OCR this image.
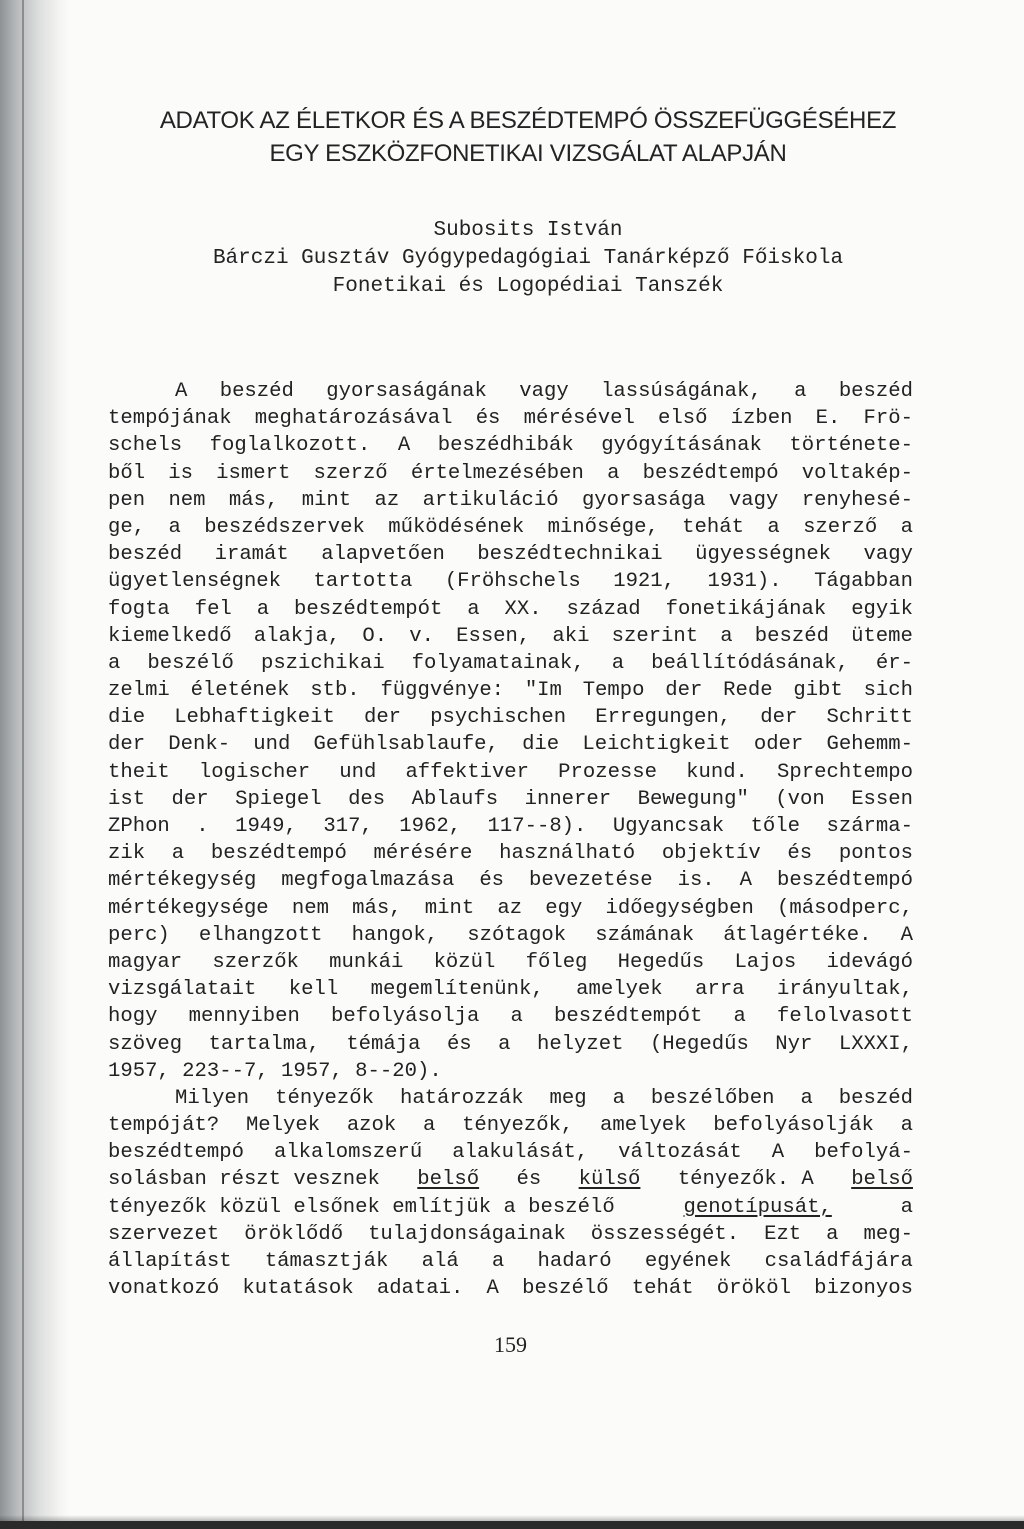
ADATOK AZ ÉLETKOR ÉS A BESZÉDTEMPÓ ÖSSZEFÜGGÉSÉHEZ
EGY ESZKÖZFONETIKAI VIZSGÁLAT ALAPJÁN
Subosits István
Bárczi Gusztáv Gyógypedagógiai Tanárképző Főiskola
Fonetikai és Logopédiai Tanszék
A beszéd gyorsaságának vagy lassúságának, a beszéd
tempójának meghatározásával és mérésével első ízben E. Frö-
schels foglalkozott. A beszédhibák gyógyításának története-
ből is ismert szerző értelmezésében a beszédtempó voltakép-
pen nem más, mint az artikuláció gyorsasága vagy renyhesé-
ge, a beszédszervek működésének minősége, tehát a szerző a
beszéd iramát alapvetően beszédtechnikai ügyességnek vagy
ügyetlenségnek tartotta (Fröhschels 1921, 1931). Tágabban
fogta fel a beszédtempót a XX. század fonetikájának egyik
kiemelkedő alakja, O. v. Essen, aki szerint a beszéd üteme
a beszélő pszichikai folyamatainak, a beállítódásának, ér-
zelmi életének stb. függvénye: "Im Tempo der Rede gibt sich
die Lebhaftigkeit der psychischen Erregungen, der Schritt
der Denk- und Gefühlsablaufe, die Leichtigkeit oder Gehemm-
theit logischer und affektiver Prozesse kund. Sprechtempo
ist der Spiegel des Ablaufs innerer Bewegung" (von Essen
ZPhon . 1949, 317, 1962, 117--8). Ugyancsak tőle szárma-
zik a beszédtempó mérésére használható objektív és pontos
mértékegység megfogalmazása és bevezetése is. A beszédtempó
mértékegysége nem más, mint az egy időegységben (másodperc,
perc) elhangzott hangok, szótagok számának átlagértéke. A
magyar szerzők munkái közül főleg Hegedűs Lajos idevágó
vizsgálatait kell megemlítenünk, amelyek arra irányultak,
hogy mennyiben befolyásolja a beszédtempót a felolvasott
szöveg tartalma, témája és a helyzet (Hegedűs Nyr LXXXI,
1957, 223--7, 1957, 8--20).
Milyen tényezők határozzák meg a beszélőben a beszéd
tempóját? Melyek azok a tényezők, amelyek befolyásolják a
beszédtempó alkalomszerű alakulását, változását A befolyá-
solásban részt vesznek belső és külső tényezők. A belső
tényezők közül elsőnek említjük a beszélő	genotípusát,	a
szervezet öröklődő tulajdonságainak összességét. Ezt a meg-
állapítást támasztják alá a hadaró egyének családfájára
vonatkozó kutatások adatai. A beszélő tehát örököl bizonyos
159
